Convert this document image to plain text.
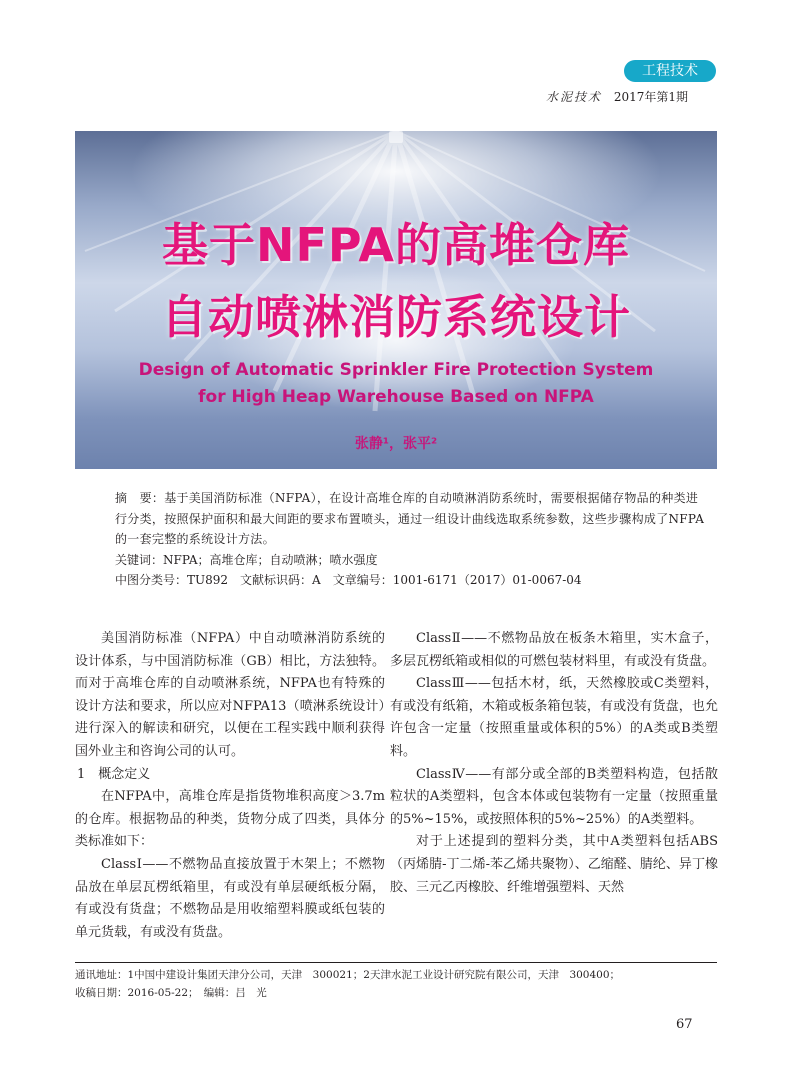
工程技术
水泥技术 2017年第1期
基于NFPA的高堆仓库
自动喷淋消防系统设计
Design of Automatic Sprinkler Fire Protection System
for High Heap Warehouse Based on NFPA
张静¹，张平²
摘　要：基于美国消防标准（NFPA），在设计高堆仓库的自动喷淋消防系统时，需要根据储存物品的种类进行分类，按照保护面积和最大间距的要求布置喷头，通过一组设计曲线选取系统参数，这些步骤构成了NFPA的一套完整的系统设计方法。
关键词：NFPA；高堆仓库；自动喷淋；喷水强度
中图分类号：TU892　文献标识码：A　文章编号：1001-6171（2017）01-0067-04

美国消防标准（NFPA）中自动喷淋消防系统的设计体系，与中国消防标准（GB）相比，方法独特。而对于高堆仓库的自动喷淋系统，NFPA也有特殊的设计方法和要求，所以应对NFPA13（喷淋系统设计）进行深入的解读和研究，以便在工程实践中顺利获得国外业主和咨询公司的认可。

1　概念定义

在NFPA中，高堆仓库是指货物堆积高度＞3.7m的仓库。根据物品的种类，货物分成了四类，具体分类标准如下：

ClassⅠ——不燃物品直接放置于木架上；不燃物品放在单层瓦楞纸箱里，有或没有单层硬纸板分隔，有或没有货盘；不燃物品是用收缩塑料膜或纸包装的单元货载，有或没有货盘。

ClassⅡ——不燃物品放在板条木箱里，实木盒子，多层瓦楞纸箱或相似的可燃包装材料里，有或没有货盘。

ClassⅢ——包括木材，纸，天然橡胶或C类塑料，有或没有纸箱，木箱或板条箱包装，有或没有货盘，也允许包含一定量（按照重量或体积的5%）的A类或B类塑料。

ClassⅣ——有部分或全部的B类塑料构造，包括散粒状的A类塑料，包含本体或包装物有一定量（按照重量的5%~15%，或按照体积的5%~25%）的A类塑料。

对于上述提到的塑料分类，其中A类塑料包括ABS（丙烯腈-丁二烯-苯乙烯共聚物）、乙缩醛、腈纶、异丁橡胶、三元乙丙橡胶、纤维增强塑料、天然

通讯地址：1中国中建设计集团天津分公司，天津　300021；2天津水泥工业设计研究院有限公司，天津　300400；
收稿日期：2016-05-22；　编辑：吕　光
67
